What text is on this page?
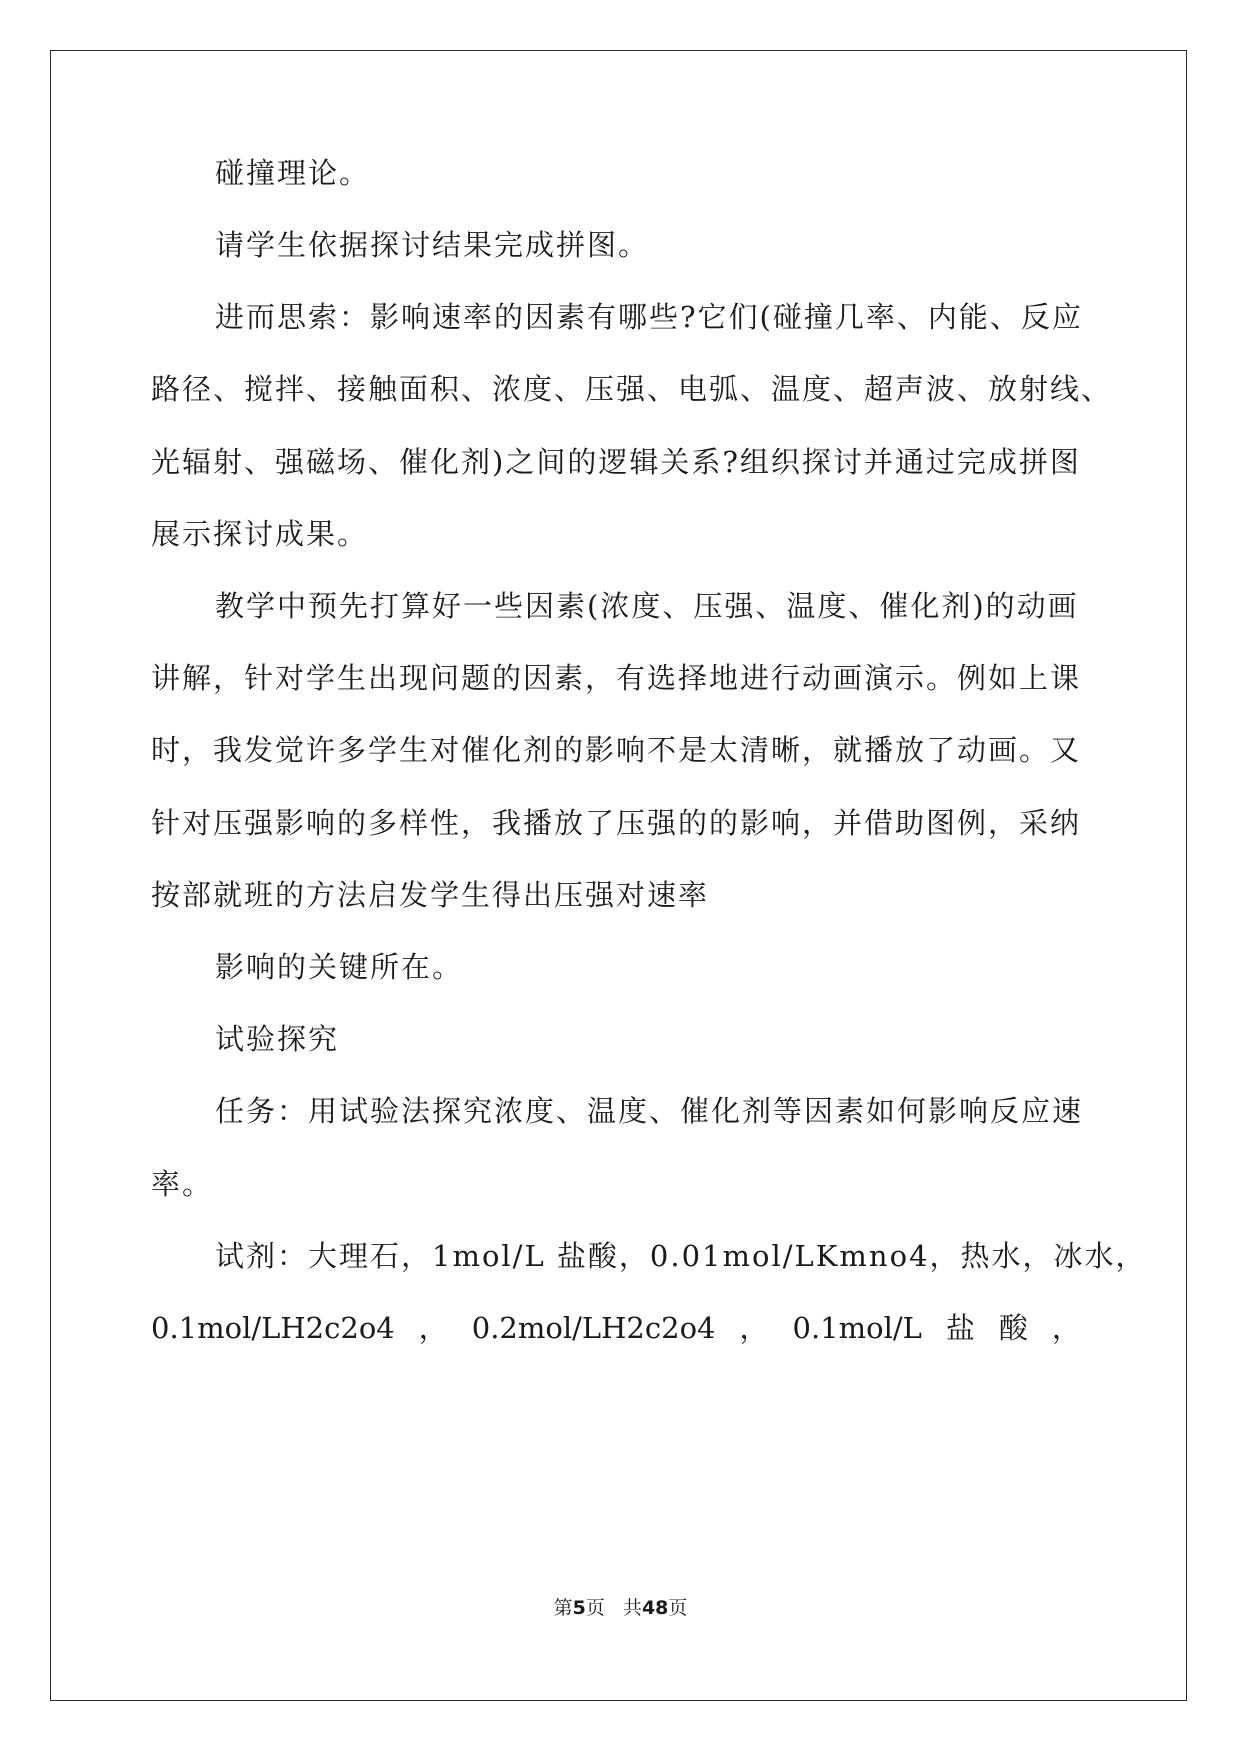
碰撞理论。

请学生依据探讨结果完成拼图。

进而思索：影响速率的因素有哪些?它们(碰撞几率、内能、反应

路径、搅拌、接触面积、浓度、压强、电弧、温度、超声波、放射线、

光辐射、强磁场、催化剂)之间的逻辑关系?组织探讨并通过完成拼图

展示探讨成果。

教学中预先打算好一些因素(浓度、压强、温度、催化剂)的动画

讲解，针对学生出现问题的因素，有选择地进行动画演示。例如上课

时，我发觉许多学生对催化剂的影响不是太清晰，就播放了动画。又

针对压强影响的多样性，我播放了压强的的影响，并借助图例，采纳

按部就班的方法启发学生得出压强对速率

影响的关键所在。

试验探究

任务：用试验法探究浓度、温度、催化剂等因素如何影响反应速

率。

试剂：大理石，1mol/L 盐酸，0.01mol/LKmno4，热水，冰水，

0.1mol/LH2c2o4 ， 0.2mol/LH2c2o4 ， 0.1mol/L 盐 酸 ，
第5页   共48页
